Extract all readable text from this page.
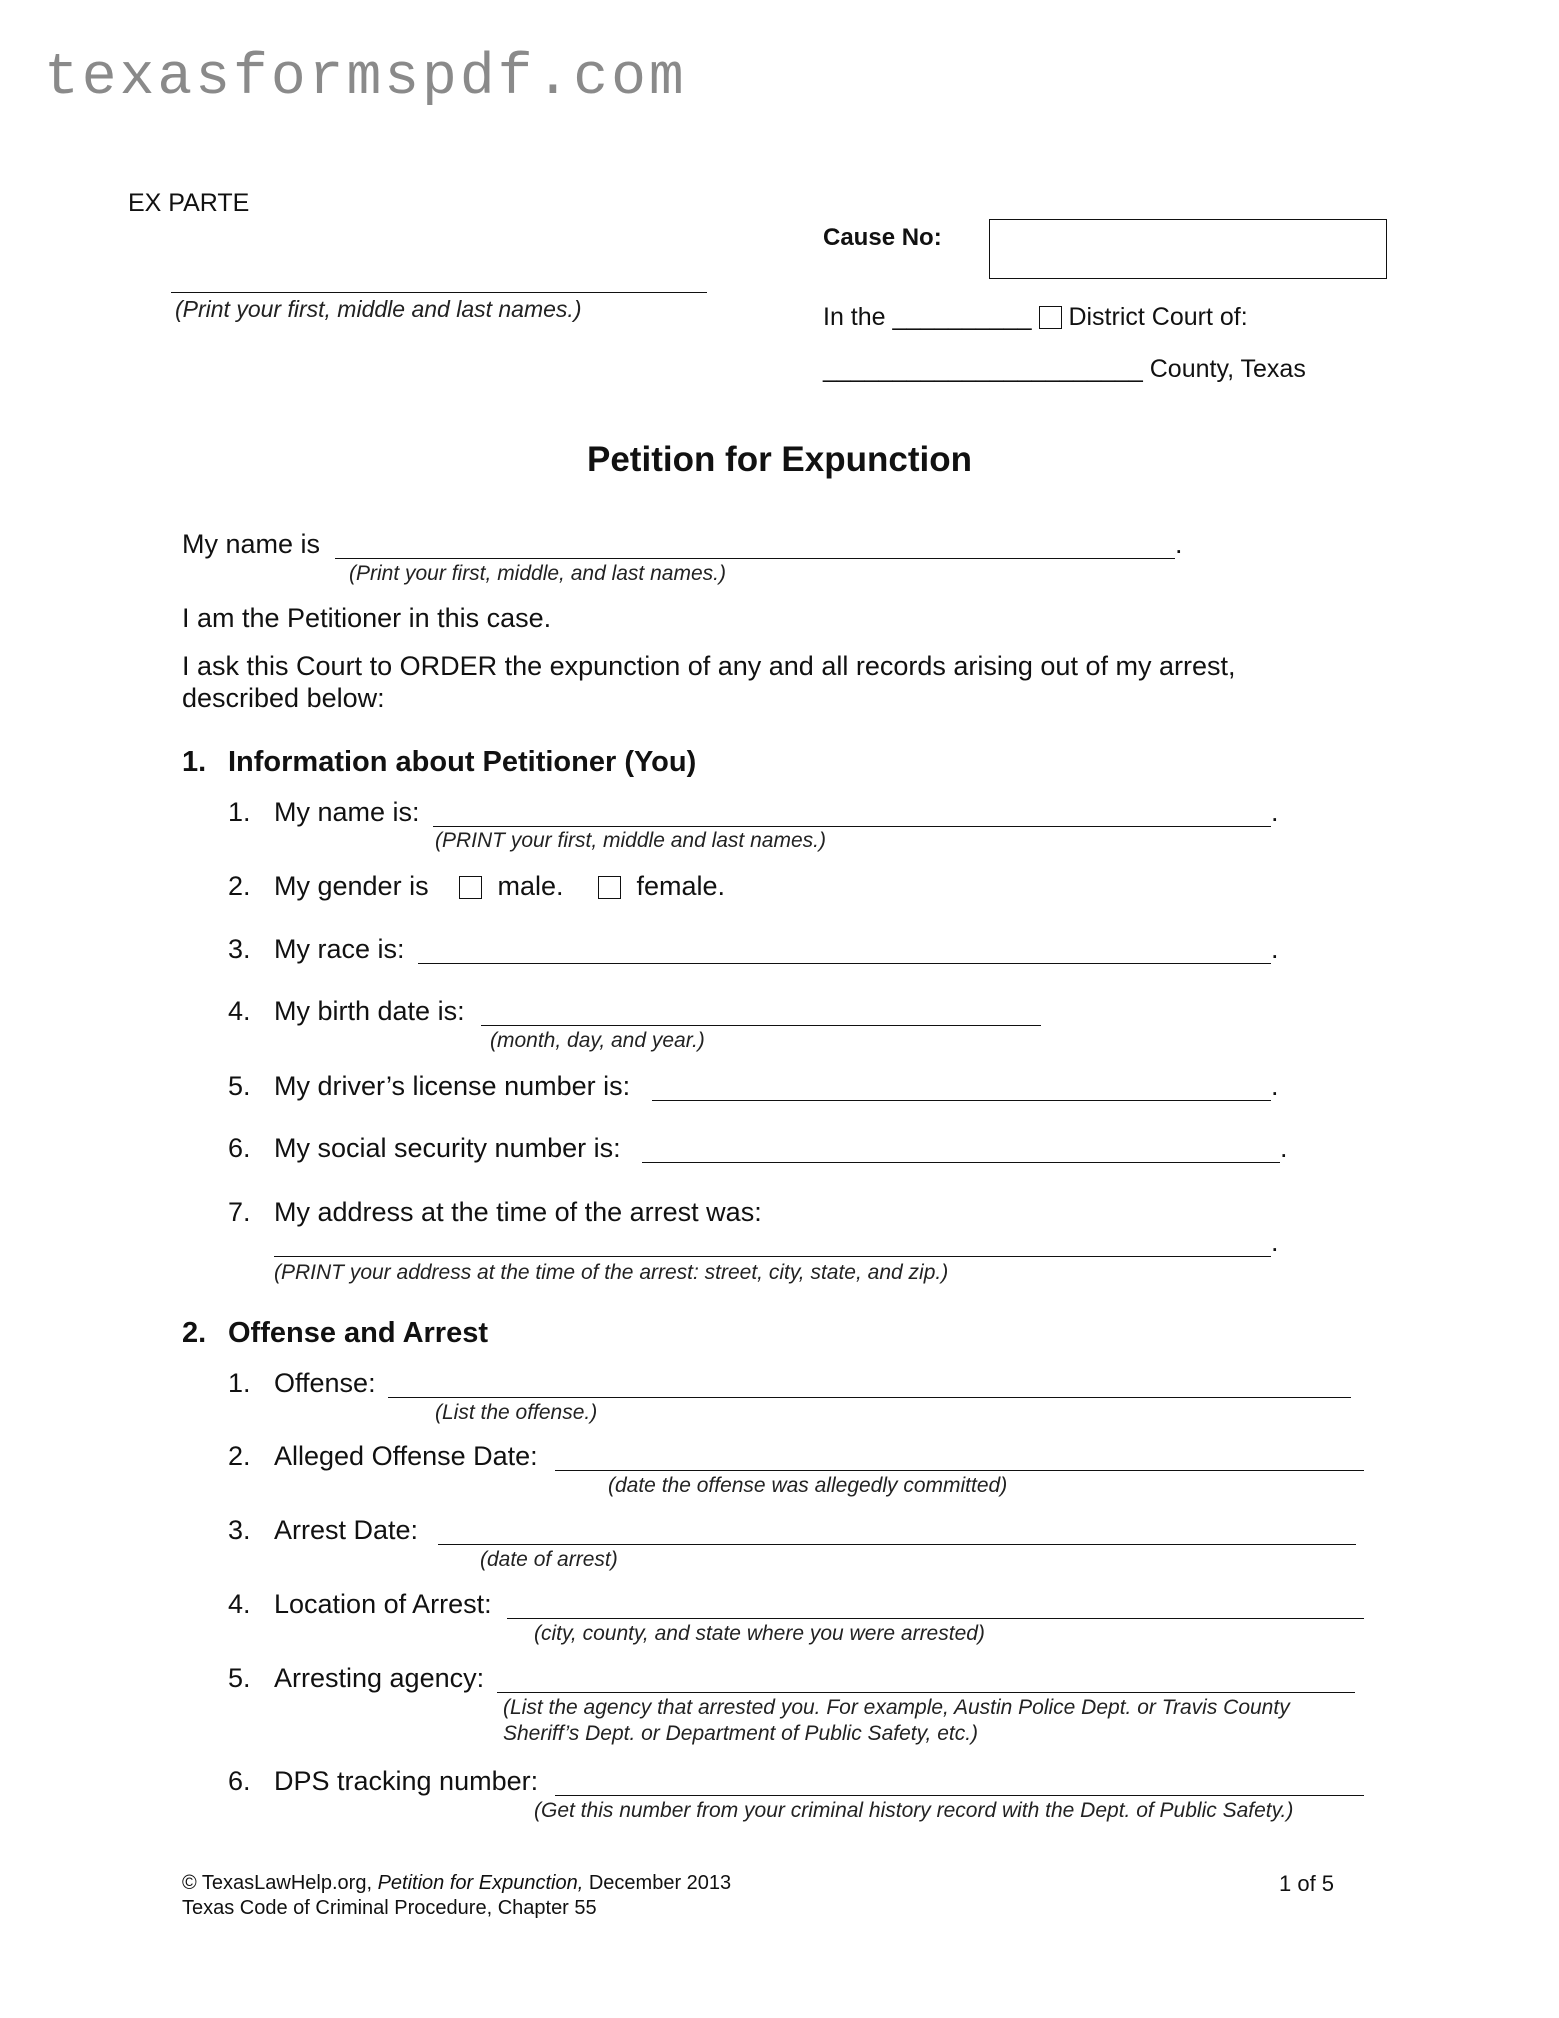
texasformspdf.com
EX PARTE
(Print your first, middle and last names.)
Cause No:
In the __________ District Court of:
_______________________ County, Texas
Petition for Expunction
My name is	.
(Print your first, middle, and last names.)
I am the Petitioner in this case.
I ask this Court to ORDER the expunction of any and all records arising out of my arrest,
described below:
1. Information about Petitioner (You)
1. My name is:	.
(PRINT your first, middle and last names.)
2. My gender is	male.	female.
3. My race is:	.
4. My birth date is:
(month, day, and year.)
5. My driver’s license number is:	.
6. My social security number is:	.
7. My address at the time of the arrest was:
.
(PRINT your address at the time of the arrest: street, city, state, and zip.)
2. Offense and Arrest
1. Offense:
(List the offense.)
2. Alleged Offense Date:
(date the offense was allegedly committed)
3. Arrest Date:
(date of arrest)
4. Location of Arrest:
(city, county, and state where you were arrested)
5. Arresting agency:
(List the agency that arrested you. For example, Austin Police Dept. or Travis County
Sheriff’s Dept. or Department of Public Safety, etc.)
6. DPS tracking number:
(Get this number from your criminal history record with the Dept. of Public Safety.)
© TexasLawHelp.org, Petition for Expunction, December 2013
Texas Code of Criminal Procedure, Chapter 55
1 of 5
